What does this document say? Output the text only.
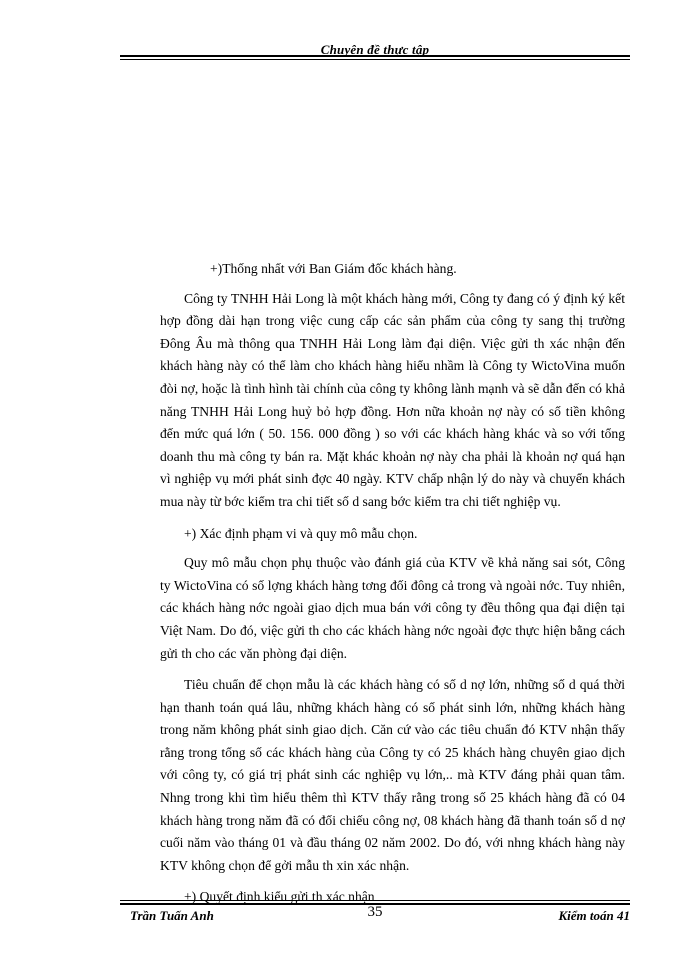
Chuyên đề thực tập

+)Thống nhất với Ban Giám đốc khách hàng.

Công ty TNHH Hải Long là một khách hàng mới, Công ty đang có ý định ký kết hợp đồng dài hạn trong việc cung cấp các sản phẩm của công ty sang thị trường Đông Âu mà thông qua TNHH Hải Long làm đại diện. Việc gửi th xác nhận đến khách hàng này có thể làm cho khách hàng hiểu nhầm là Công ty WictoVina muốn đòi nợ, hoặc là tình hình tài chính của công ty không lành mạnh và sẽ dẫn đến có khả năng TNHH Hải Long huỷ bỏ hợp đồng. Hơn nữa khoản nợ này có số tiền không đến mức quá lớn ( 50. 156. 000 đồng ) so với các khách hàng khác và so với tổng doanh thu mà công ty bán ra. Mặt khác khoản nợ này cha phải là khoản nợ quá hạn vì nghiệp vụ mới phát sinh đợc 40 ngày. KTV chấp nhận lý do này và chuyển khách mua này từ bớc kiểm tra chi tiết số d sang bớc kiểm tra chi tiết nghiệp vụ.

+) Xác định phạm vi và quy mô mẫu chọn.

Quy mô mẫu chọn phụ thuộc vào đánh giá của KTV về khả năng sai sót, Công ty WictoVina có số lợng khách hàng tơng đối đông cả trong và ngoài nớc. Tuy nhiên, các khách hàng nớc ngoài giao dịch mua bán với công ty đều thông qua đại diện tại Việt Nam. Do đó, việc gửi th cho các khách hàng nớc ngoài đợc thực hiện bằng cách gửi th cho các văn phòng đại diện.

Tiêu chuẩn để chọn mẫu là các khách hàng có số d nợ lớn, những số d quá thời hạn thanh toán quá lâu, những khách hàng có số phát sinh lớn, những khách hàng trong năm không phát sinh giao dịch. Căn cứ vào các tiêu chuẩn đó KTV nhận thấy rằng trong tổng số các khách hàng của Công ty có 25 khách hàng chuyên giao dịch với công ty, có giá trị phát sinh các nghiệp vụ lớn,.. mà KTV đáng phải quan tâm. Nhng trong khi tìm hiểu thêm thì KTV thấy rằng trong số 25 khách hàng đã có 04 khách hàng trong năm đã có đối chiếu công nợ, 08 khách hàng đã thanh toán số d nợ cuối năm vào tháng 01 và đầu tháng 02 năm 2002. Do đó, với nhng khách hàng này KTV không chọn để gởi mẫu th xin xác nhận.

+) Quyết định kiểu gửi th xác nhận

Trần Tuấn Anh	35	Kiểm toán 41
